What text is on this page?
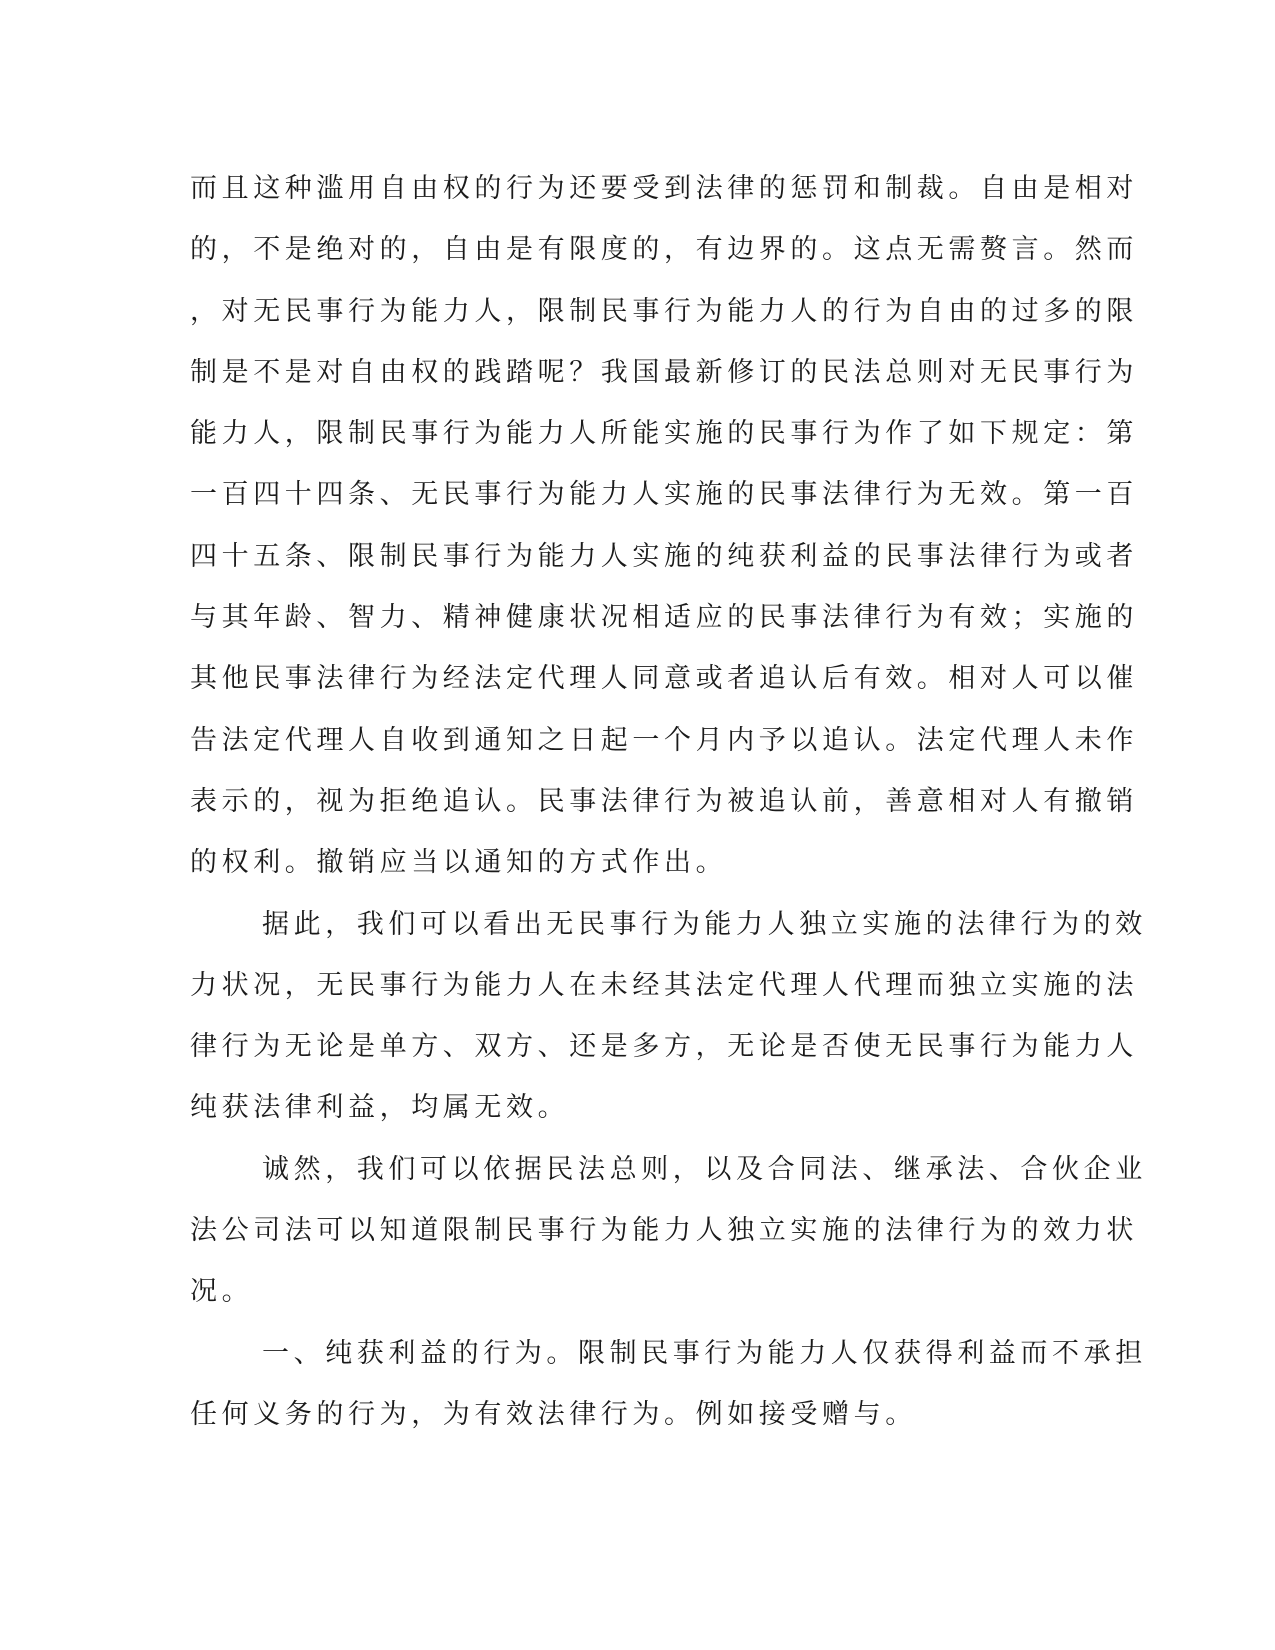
而且这种滥用自由权的行为还要受到法律的惩罚和制裁。自由是相对
的，不是绝对的，自由是有限度的，有边界的。这点无需赘言。然而
，对无民事行为能力人，限制民事行为能力人的行为自由的过多的限
制是不是对自由权的践踏呢？我国最新修订的民法总则对无民事行为
能力人，限制民事行为能力人所能实施的民事行为作了如下规定：第
一百四十四条、无民事行为能力人实施的民事法律行为无效。第一百
四十五条、限制民事行为能力人实施的纯获利益的民事法律行为或者
与其年龄、智力、精神健康状况相适应的民事法律行为有效；实施的
其他民事法律行为经法定代理人同意或者追认后有效。相对人可以催
告法定代理人自收到通知之日起一个月内予以追认。法定代理人未作
表示的，视为拒绝追认。民事法律行为被追认前，善意相对人有撤销
的权利。撤销应当以通知的方式作出。
据此，我们可以看出无民事行为能力人独立实施的法律行为的效
力状况，无民事行为能力人在未经其法定代理人代理而独立实施的法
律行为无论是单方、双方、还是多方，无论是否使无民事行为能力人
纯获法律利益，均属无效。
诚然，我们可以依据民法总则，以及合同法、继承法、合伙企业
法公司法可以知道限制民事行为能力人独立实施的法律行为的效力状
况。
一、纯获利益的行为。限制民事行为能力人仅获得利益而不承担
任何义务的行为，为有效法律行为。例如接受赠与。
